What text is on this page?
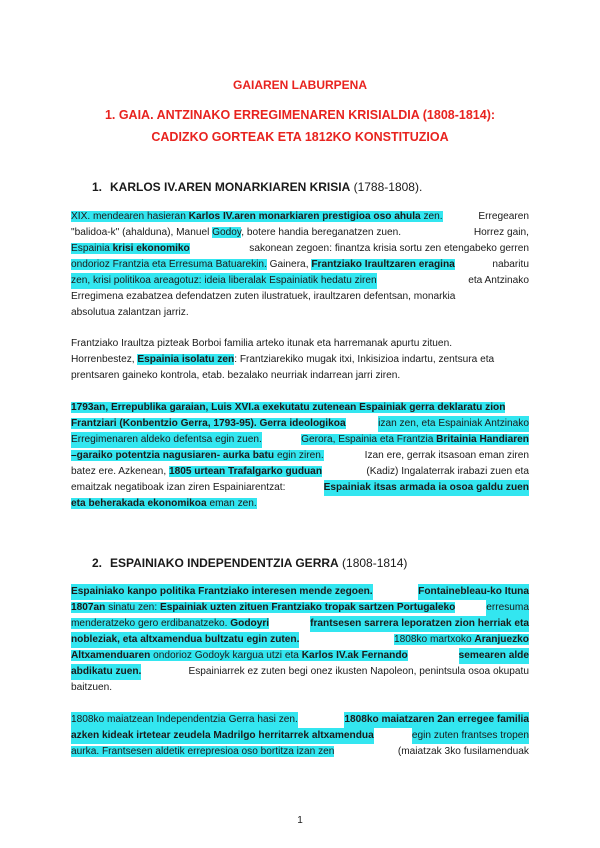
GAIAREN LABURPENA
1. GAIA. ANTZINAKO ERREGIMENAREN KRISIALDIA (1808-1814):
CADIZKO GORTEAK ETA 1812KO KONSTITUZIOA
1. KARLOS IV.AREN MONARKIAREN KRISIA (1788-1808).
XIX. mendearen hasieran Karlos IV.aren monarkiaren prestigioa oso ahula zen.	Erregearen
"balidoa-k" (ahalduna), Manuel Godoy, botere handia bereganatzen zuen.	Horrez gain,
Espainia krisi ekonomiko	sakonean zegoen: finantza krisia sortu zen etengabeko gerren
ondorioz Frantzia eta Erresuma Batuarekin. Gainera, Frantziako Iraultzaren eragina	nabaritu
zen, krisi politikoa areagotuz: ideia liberalak Espainiatik hedatu ziren	eta Antzinako
Erregimena ezabatzea defendatzen zuten ilustratuek, iraultzaren defentsan, monarkia
absolutua zalantzan jarriz.
Frantziako Iraultza pizteak Borboi familia arteko itunak eta harremanak apurtu zituen.
Horrenbestez, Espainia isolatu zen: Frantziarekiko mugak itxi, Inkisizioa indartu, zentsura eta
prentsaren gaineko kontrola, etab. bezalako neurriak indarrean jarri ziren.
1793an, Errepublika garaian, Luis XVI.a exekutatu zutenean Espainiak gerra deklaratu zion
Frantziari (Konbentzio Gerra, 1793-95). Gerra ideologikoa	izan zen, eta Espainiak Antzinako
Erregimenaren aldeko defentsa egin zuen.	Gerora, Espainia eta Frantzia Britainia Handiaren
–garaiko potentzia nagusiaren- aurka batu egin ziren.	Izan ere, gerrak itsasoan eman ziren
batez ere. Azkenean, 1805 urtean Trafalgarko guduan	(Kadiz) Ingalaterrak irabazi zuen eta
emaitzak negatiboak izan ziren Espainiarentzat:	Espainiak itsas armada ia osoa galdu zuen
eta beherakada ekonomikoa eman zen.
2. ESPAINIAKO INDEPENDENTZIA GERRA (1808-1814)
Espainiako kanpo politika Frantziako interesen mende zegoen.	Fontainebleau-ko Ituna
1807an sinatu zen: Espainiak uzten zituen Frantziako tropak sartzen Portugaleko	erresuma
menderatzeko gero erdibanatzeko. Godoyri	frantsesen sarrera leporatzen zion herriak eta
nobleziak, eta altxamendua bultzatu egin zuten.	1808ko martxoko Aranjuezko
Altxamenduaren ondorioz Godoyk kargua utzi eta Karlos IV.ak Fernando	semearen alde
abdikatu zuen.	Espainiarrek ez zuten begi onez ikusten Napoleon, penintsula osoa okupatu
baitzuen.
1808ko maiatzean Independentzia Gerra hasi zen.	1808ko maiatzaren 2an erregee familia
azken kideak irtetear zeudela Madrilgo herritarrek altxamendua	egin zuten frantses tropen
aurka. Frantsesen aldetik errepresioa oso bortitza izan zen	(maiatzak 3ko fusilamenduak
1
